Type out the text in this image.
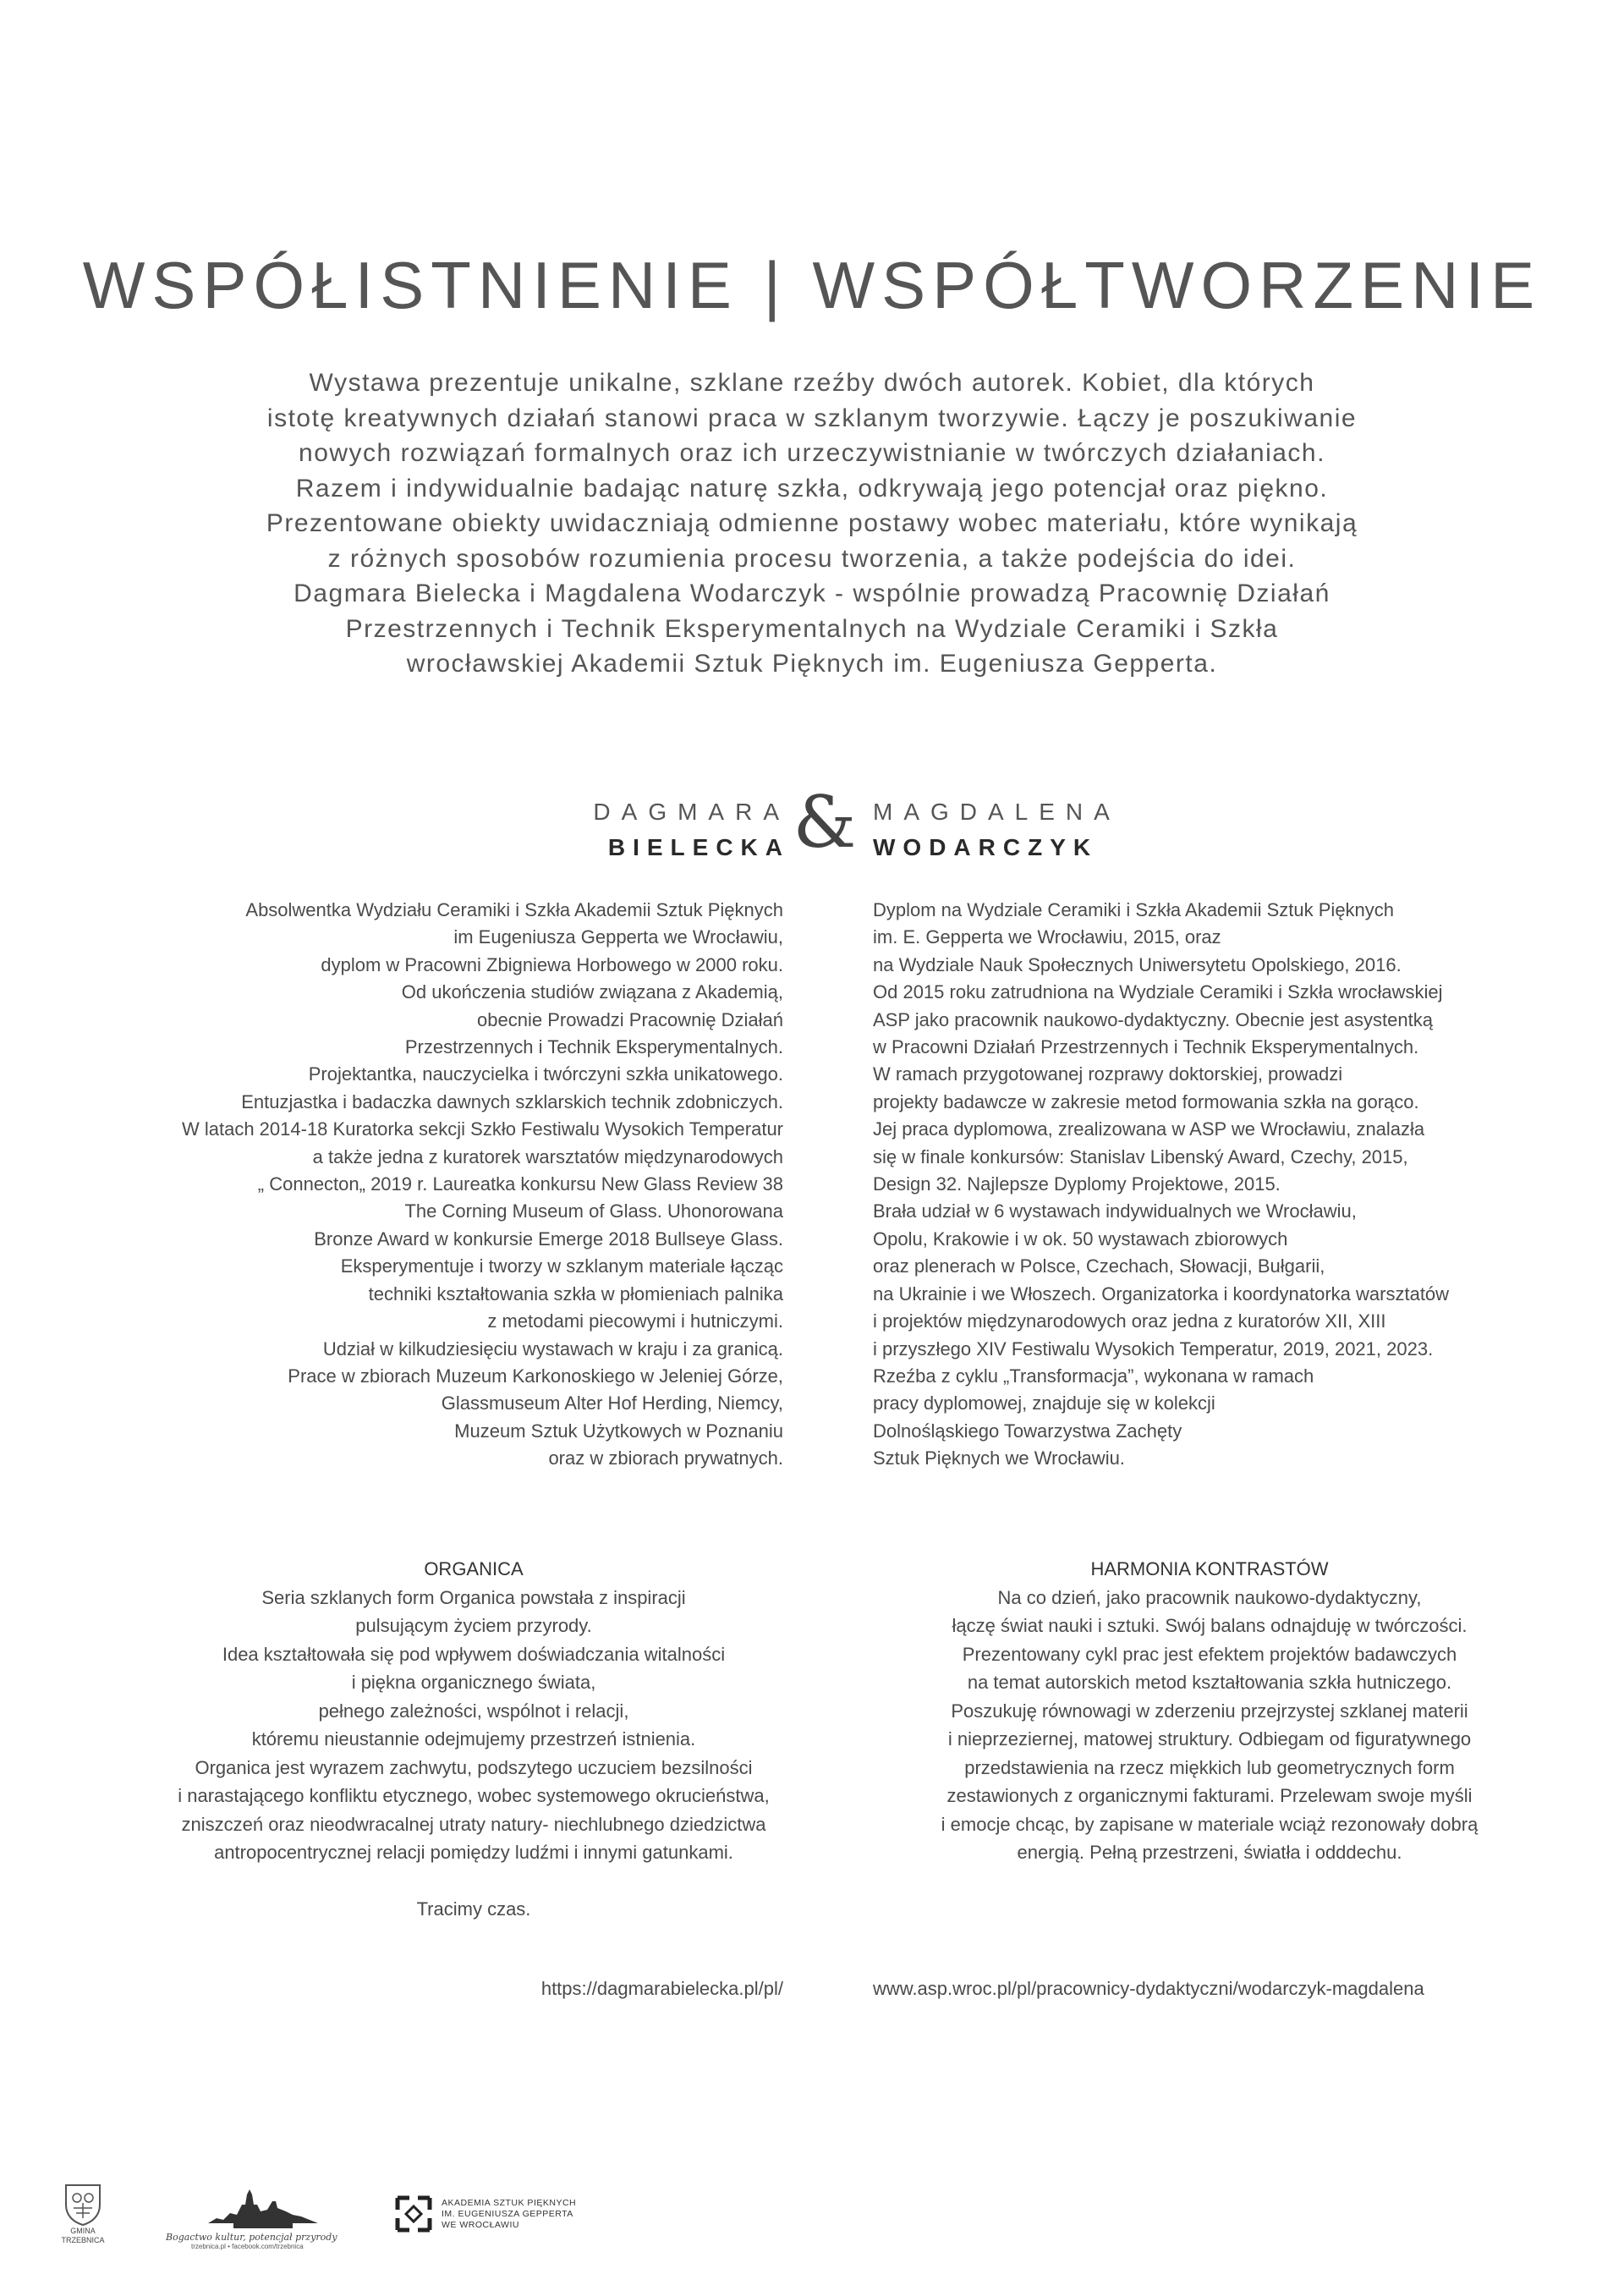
WSPÓŁISTNIENIE | WSPÓŁTWORZENIE
Wystawa prezentuje unikalne, szklane rzeźby dwóch autorek. Kobiet, dla których
istotę kreatywnych działań stanowi praca w szklanym tworzywie. Łączy je poszukiwanie
nowych rozwiązań formalnych oraz ich urzeczywistnianie w twórczych działaniach.
Razem i indywidualnie badając naturę szkła, odkrywają jego potencjał oraz piękno.
Prezentowane obiekty uwidaczniają odmienne postawy wobec materiału, które wynikają
z różnych sposobów rozumienia procesu tworzenia, a także podejścia do idei.
Dagmara Bielecka i Magdalena Wodarczyk - wspólnie prowadzą Pracownię Działań
Przestrzennych i Technik Eksperymentalnych na Wydziale Ceramiki i Szkła
wrocławskiej Akademii Sztuk Pięknych im. Eugeniusza Gepperta.
DAGMARA
BIELECKA & MAGDALENA
WODARCZYK
Absolwentka Wydziału Ceramiki i Szkła Akademii Sztuk Pięknych
im Eugeniusza Gepperta we Wrocławiu,
dyplom w Pracowni Zbigniewa Horbowego w 2000 roku.
Od ukończenia studiów związana z Akademią,
obecnie Prowadzi Pracownię Działań
Przestrzennych i Technik Eksperymentalnych.
Projektantka, nauczycielka i twórczyni szkła unikatowego.
Entuzjastka i badaczka dawnych szklarskich technik zdobniczych.
W latach 2014-18 Kuratorka sekcji Szkło Festiwalu Wysokich Temperatur
a także jedna z kuratorek warsztatów międzynarodowych
„ Connecton„ 2019 r. Laureatka konkursu New Glass Review 38
The Corning Museum of Glass. Uhonorowana
Bronze Award w konkursie Emerge 2018 Bullseye Glass.
Eksperymentuje i tworzy w szklanym materiale łącząc
techniki kształtowania szkła w płomieniach palnika
z metodami piecowymi i hutniczymi.
Udział w kilkudziesięciu wystawach w kraju i za granicą.
Prace w zbiorach Muzeum Karkonoskiego w Jeleniej Górze,
Glassmuseum Alter Hof Herding, Niemcy,
Muzeum Sztuk Użytkowych w Poznaniu
oraz w zbiorach prywatnych.
Dyplom na Wydziale Ceramiki i Szkła Akademii Sztuk Pięknych
im. E. Gepperta we Wrocławiu, 2015, oraz
na Wydziale Nauk Społecznych Uniwersytetu Opolskiego, 2016.
Od 2015 roku zatrudniona na Wydziale Ceramiki i Szkła wrocławskiej
ASP jako pracownik naukowo-dydaktyczny. Obecnie jest asystentką
w Pracowni Działań Przestrzennych i Technik Eksperymentalnych.
W ramach przygotowanej rozprawy doktorskiej, prowadzi
projekty badawcze w zakresie metod formowania szkła na gorąco.
Jej praca dyplomowa, zrealizowana w ASP we Wrocławiu, znalazła
się w finale konkursów: Stanislav Libenský Award, Czechy, 2015,
Design 32. Najlepsze Dyplomy Projektowe, 2015.
Brała udział w 6 wystawach indywidualnych we Wrocławiu,
Opolu, Krakowie i w ok. 50 wystawach zbiorowych
oraz plenerach w Polsce, Czechach, Słowacji, Bułgarii,
na Ukrainie i we Włoszech. Organizatorka i koordynatorka warsztatów
i projektów międzynarodowych oraz jedna z kuratorów XII, XIII
i przyszłego XIV Festiwalu Wysokich Temperatur, 2019, 2021, 2023.
Rzeźba z cyklu „Transformacja”, wykonana w ramach
pracy dyplomowej, znajduje się w kolekcji
Dolnośląskiego Towarzystwa Zachęty
Sztuk Pięknych we Wrocławiu.
ORGANICA
Seria szklanych form Organica powstała z inspiracji
pulsującym życiem przyrody.
Idea kształtowała się pod wpływem doświadczania witalności
i piękna organicznego świata,
pełnego zależności, wspólnot i relacji,
któremu nieustannie odejmujemy przestrzeń istnienia.
Organica jest wyrazem zachwytu, podszytego uczuciem bezsilności
i narastającego konfliktu etycznego, wobec systemowego okrucieństwa,
zniszczeń oraz nieodwracalnej utraty natury- niechlubnego dziedzictwa
antropocentrycznej relacji pomiędzy ludźmi i innymi gatunkami.
Tracimy czas.
HARMONIA KONTRASTÓW
Na co dzień, jako pracownik naukowo-dydaktyczny,
łączę świat nauki i sztuki. Swój balans odnajduję w twórczości.
Prezentowany cykl prac jest efektem projektów badawczych
na temat autorskich metod kształtowania szkła hutniczego.
Poszukuję równowagi w zderzeniu przejrzystej szklanej materii
i nieprzeziernej, matowej struktury. Odbiegam od figuratywnego
przedstawienia na rzecz miękkich lub geometrycznych form
zestawionych z organicznymi fakturami. Przelewam swoje myśli
i emocje chcąc, by zapisane w materiale wciąż rezonowały dobrą
energią. Pełną przestrzeni, światła i odddechu.
https://dagmarabielecka.pl/pl/	www.asp.wroc.pl/pl/pracownicy-dydaktyczni/wodarczyk-magdalena
GMINA
TRZEBNICA	Bogactwo kultur, potencjał przyrody
trzebnica.pl • facebook.com/trzebnica
AKADEMIA SZTUK PIĘKNYCH
IM. EUGENIUSZA GEPPERTA
WE WROCŁAWIU
